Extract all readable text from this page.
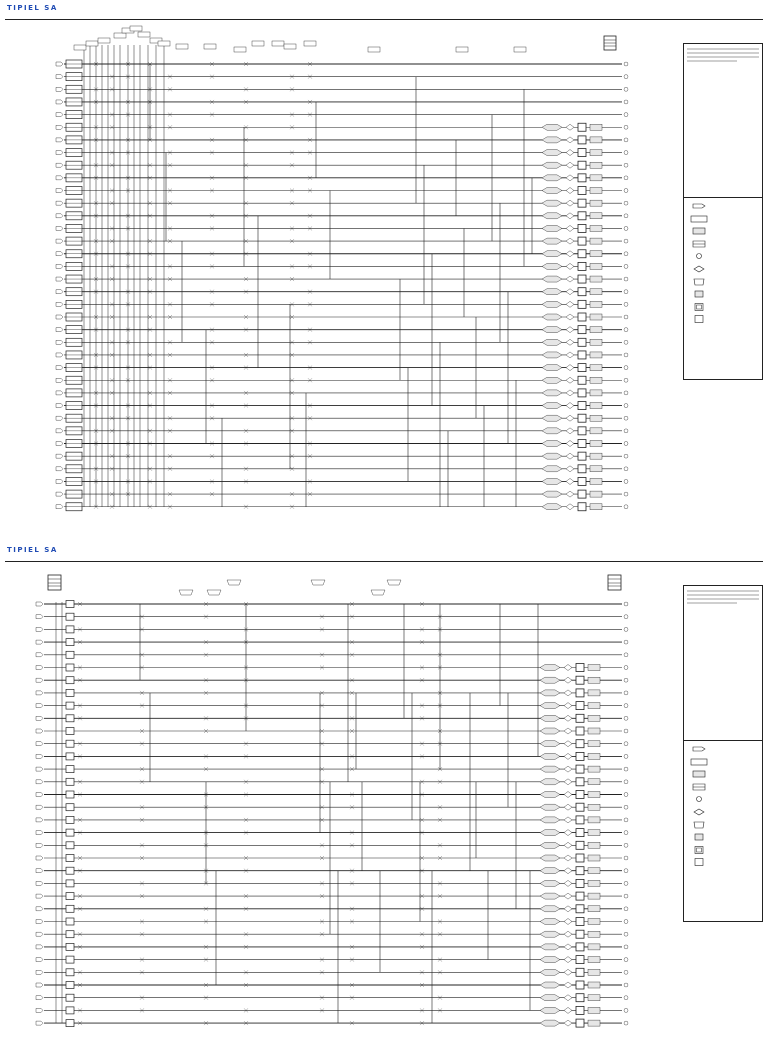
TIPIEL SA
TIPIEL SA
